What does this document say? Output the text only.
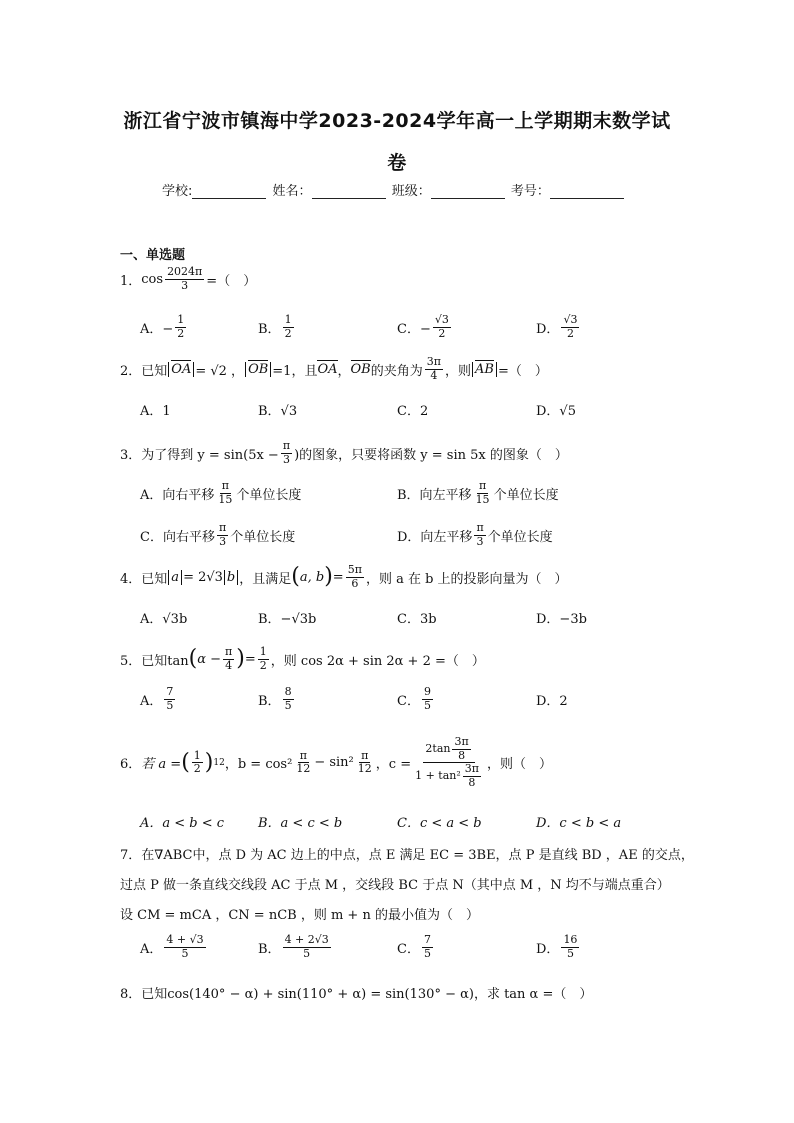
浙江省宁波市镇海中学2023-2024学年高一上学期期末数学试
卷
学校:	姓名：	班级：	考号：
一、单选题
1． $\cos \frac{2024\pi}{3}$ =（　）
A．− $\frac{1}{2}$	B． $\frac{1}{2}$	C．− $\frac{√3}{2}$	D． $\frac{√3}{2}$
2． 已知 OA = √2 ， OB =1，且 OA ， OB 的夹角为 $\frac{3\pi}{4}$ ，则 AB =（　）
A．1	B．√3	C．2	D．√5
3． 为了得到 $y = \sin(5x - \frac{\pi}{3}$ )的图象，只要将函数 y = sin 5x 的图象（　）
A．向右平移 $\frac{\pi}{15}$ 个单位长度	B．向左平移 $\frac{\pi}{15}$ 个单位长度
C．向右平移 $\frac{\pi}{3}$ 个单位长度	D．向左平移 $\frac{\pi}{3}$ 个单位长度
4． 已知 a = 2√3 b ，且满足 ( a, b ) = $\frac{5\pi}{6}$ ，则 a 在 b 上的投影向量为（　）
A．√3b	B．−√3b	C．3b	D．−3b
5． 已知tan ( $\alpha - \frac{\pi}{4}$ ) = $\frac{1}{2}$ ，则 cos 2α + sin 2α + 2 =（　）
A． $\frac{7}{5}$	B． $\frac{8}{5}$	C． $\frac{9}{5}$	D．2
6． 若 a = ( $\frac{1}{2}$ ) 12 ，$b = \cos^2 \frac{\pi}{12} - \sin^2 \frac{\pi}{12}$ ，$c = \frac{2\tan \frac{3\pi}{8}}{1 + \tan^2 \frac{3\pi}{8}}$ ，则（　）
A．a < b < c	B．a < c < b	C．c < a < b	D．c < b < a
7．在∇ABC中，点 D 为 AC 边上的中点，点 E 满足 EC = 3BE，点 P 是直线 BD ，AE 的交点，
过点 P 做一条直线交线段 AC 于点 M ，交线段 BC 于点 N（其中点 M ，N 均不与端点重合）
设 CM = mCA ，CN = nCB ，则 m + n 的最小值为（　）
A． $\frac{4 + √3}{5}$	B． $\frac{4 + 2√3}{5}$	C． $\frac{7}{5}$	D． $\frac{16}{5}$
8．已知cos(140° − α) + sin(110° + α) = sin(130° − α)，求 tan α =（　）
